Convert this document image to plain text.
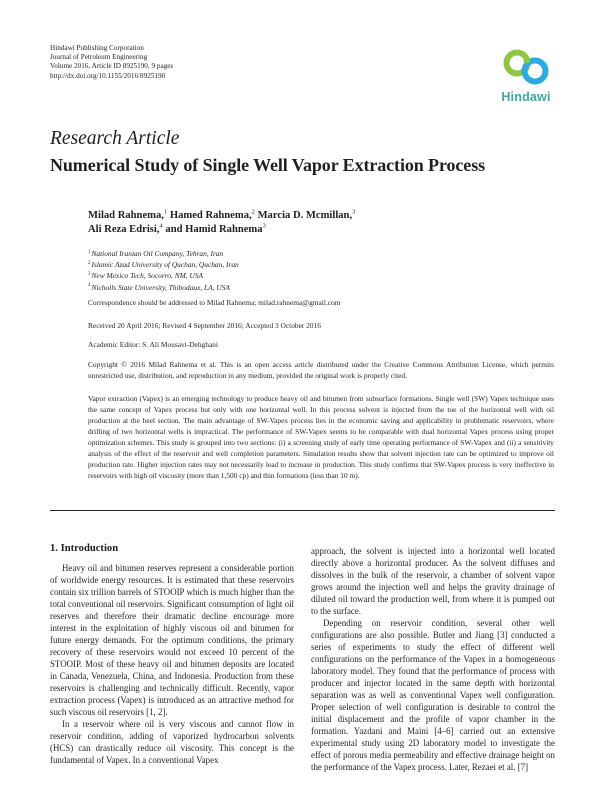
Hindawi Publishing Corporation
Journal of Petroleum Engineering
Volume 2016, Article ID 8925190, 9 pages
http://dx.doi.org/10.1155/2016/8925190
Hindawi
Research Article
Numerical Study of Single Well Vapor Extraction Process
Milad Rahnema,$^1$ Hamed Rahnema,$^2$ Marcia D. Mcmillan,$^3$
Ali Reza Edrisi,$^4$ and Hamid Rahnema$^3$
$^1$National Iranian Oil Company, Tehran, Iran
$^2$Islamic Azad University of Quchan, Quchan, Iran
$^3$New Mexico Tech, Socorro, NM, USA
$^4$Nicholls State University, Thibodaux, LA, USA
Correspondence should be addressed to Milad Rahnema; milad.rahnema@gmail.com
Received 20 April 2016; Revised 4 September 2016; Accepted 3 October 2016
Academic Editor: S. Ali Mousavi-Dehghani
Copyright © 2016 Milad Rahnema et al. This is an open access article distributed under the Creative Commons Attribution License, which permits unrestricted use, distribution, and reproduction in any medium, provided the original work is properly cited.
Vapor extraction (Vapex) is an emerging technology to produce heavy oil and bitumen from subsurface formations. Single well (SW) Vapex technique uses the same concept of Vapex process but only with one horizontal well. In this process solvent is injected from the toe of the horizontal well with oil production at the heel section. The main advantage of SW-Vapex process lies in the economic saving and applicability in problematic reservoirs, where drilling of two horizontal wells is impractical. The performance of SW-Vapex seems to be comparable with dual horizontal Vapex process using proper optimization schemes. This study is grouped into two sections: (i) a screening study of early time operating performance of SW-Vapex and (ii) a sensitivity analysis of the effect of the reservoir and well completion parameters. Simulation results show that solvent injection rate can be optimized to improve oil production rate. Higher injection rates may not necessarily lead to increase in production. This study confirms that SW-Vapex process is very ineffective in reservoirs with high oil viscosity (more than 1,500 cp) and thin formations (less than 10 m).
1. Introduction

Heavy oil and bitumen reserves represent a considerable portion of worldwide energy resources. It is estimated that these reservoirs contain six trillion barrels of STOOIP which is much higher than the total conventional oil reservoirs. Significant consumption of light oil reserves and therefore their dramatic decline encourage more interest in the exploitation of highly viscous oil and bitumen for future energy demands. For the optimum conditions, the primary recovery of these reservoirs would not exceed 10 percent of the STOOIP. Most of these heavy oil and bitumen deposits are located in Canada, Venezuela, China, and Indonesia. Production from these reservoirs is challenging and technically difficult. Recently, vapor extraction process (Vapex) is introduced as an attractive method for such viscous oil reservoirs [1, 2].

In a reservoir where oil is very viscous and cannot flow in reservoir condition, adding of vaporized hydrocarbon solvents (HCS) can drastically reduce oil viscosity. This concept is the fundamental of Vapex. In a conventional Vapex

approach, the solvent is injected into a horizontal well located directly above a horizontal producer. As the solvent diffuses and dissolves in the bulk of the reservoir, a chamber of solvent vapor grows around the injection well and helps the gravity drainage of diluted oil toward the production well, from where it is pumped out to the surface.

Depending on reservoir condition, several other well configurations are also possible. Butler and Jiang [3] conducted a series of experiments to study the effect of different well configurations on the performance of the Vapex in a homogeneous laboratory model. They found that the performance of process with producer and injector located in the same depth with horizontal separation was as well as conventional Vapex well configuration. Proper selection of well configuration is desirable to control the initial displacement and the profile of vapor chamber in the formation. Yazdani and Maini [4–6] carried out an extensive experimental study using 2D laboratory model to investigate the effect of porous media permeability and effective drainage height on the performance of the Vapex process. Later, Rezaei et al. [7]
